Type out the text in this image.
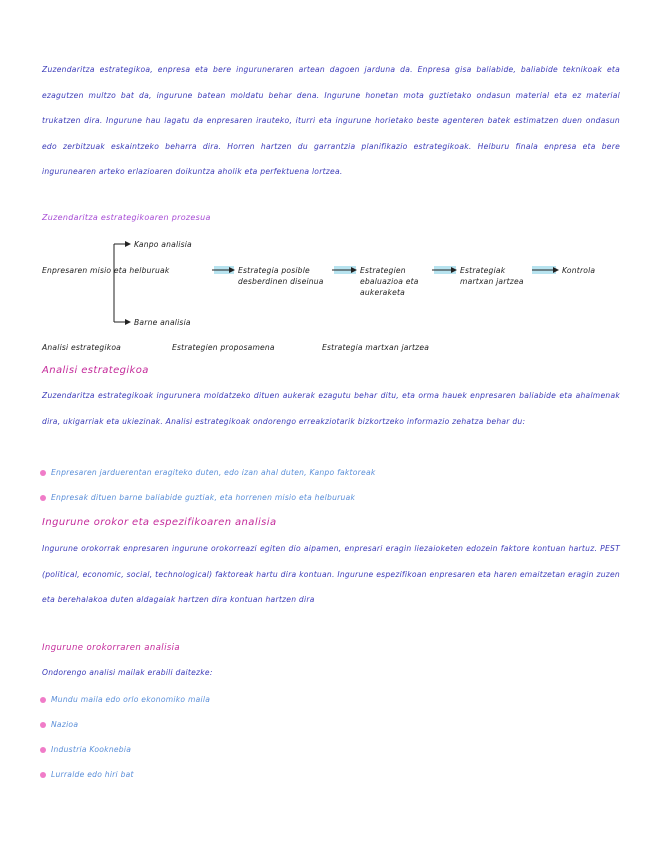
Zuzendaritza estrategikoa, enpresa eta bere inguruneraren artean dagoen jarduna da. Enpresa gisa baliabide, baliabide teknikoak eta ezagutzen multzo bat da, ingurune batean moldatu behar dena. Ingurune honetan mota guztietako ondasun material eta ez material trukatzen dira. Ingurune hau lagatu da enpresaren irauteko, iturri eta ingurune horietako beste agenteren batek estimatzen duen ondasun edo zerbitzuak eskaintzeko beharra dira. Horren hartzen du garrantzia planifikazio estrategikoak. Helburu finala enpresa eta bere ingurunearen arteko erlazioaren doikuntza aholik eta perfektuena lortzea.
Zuzendaritza estrategikoaren prozesua
Kanpo analisia
Enpresaren misio eta helburuak
Barne analisia
Estrategia posible desberdinen diseinua
Estrategien ebaluazioa eta aukeraketa
Estrategiak martxan jartzea
Kontrola
Analisi estrategikoa	Estrategien proposamena	Estrategia martxan jartzea
Analisi estrategikoa
Zuzendaritza estrategikoak ingurunera moldatzeko dituen aukerak ezagutu behar ditu, eta orma hauek enpresaren baliabide eta ahalmenak dira, ukigarriak eta ukiezinak. Analisi estrategikoak ondorengo erreakziotarik bizkortzeko informazio zehatza behar du:
Enpresaren jarduerentan eragiteko duten, edo izan ahal duten, Kanpo faktoreak
Enpresak dituen barne baliabide guztiak, eta horrenen misio eta helburuak
Ingurune orokor eta espezifikoaren analisia
Ingurune orokorrak enpresaren ingurune orokorreazi egiten dio aipamen, enpresari eragin liezaioketen edozein faktore kontuan hartuz. PEST (political, economic, social, technological) faktoreak hartu dira kontuan. Ingurune espezifikoan enpresaren eta haren emaitzetan eragin zuzen eta berehalakoa duten aldagaiak hartzen dira kontuan hartzen dira
Ingurune orokorraren analisia
Ondorengo analisi mailak erabili daitezke:
Mundu maila edo orlo ekonomiko maila
Nazioa
Industria Kooknebia
Lurralde edo hiri bat
